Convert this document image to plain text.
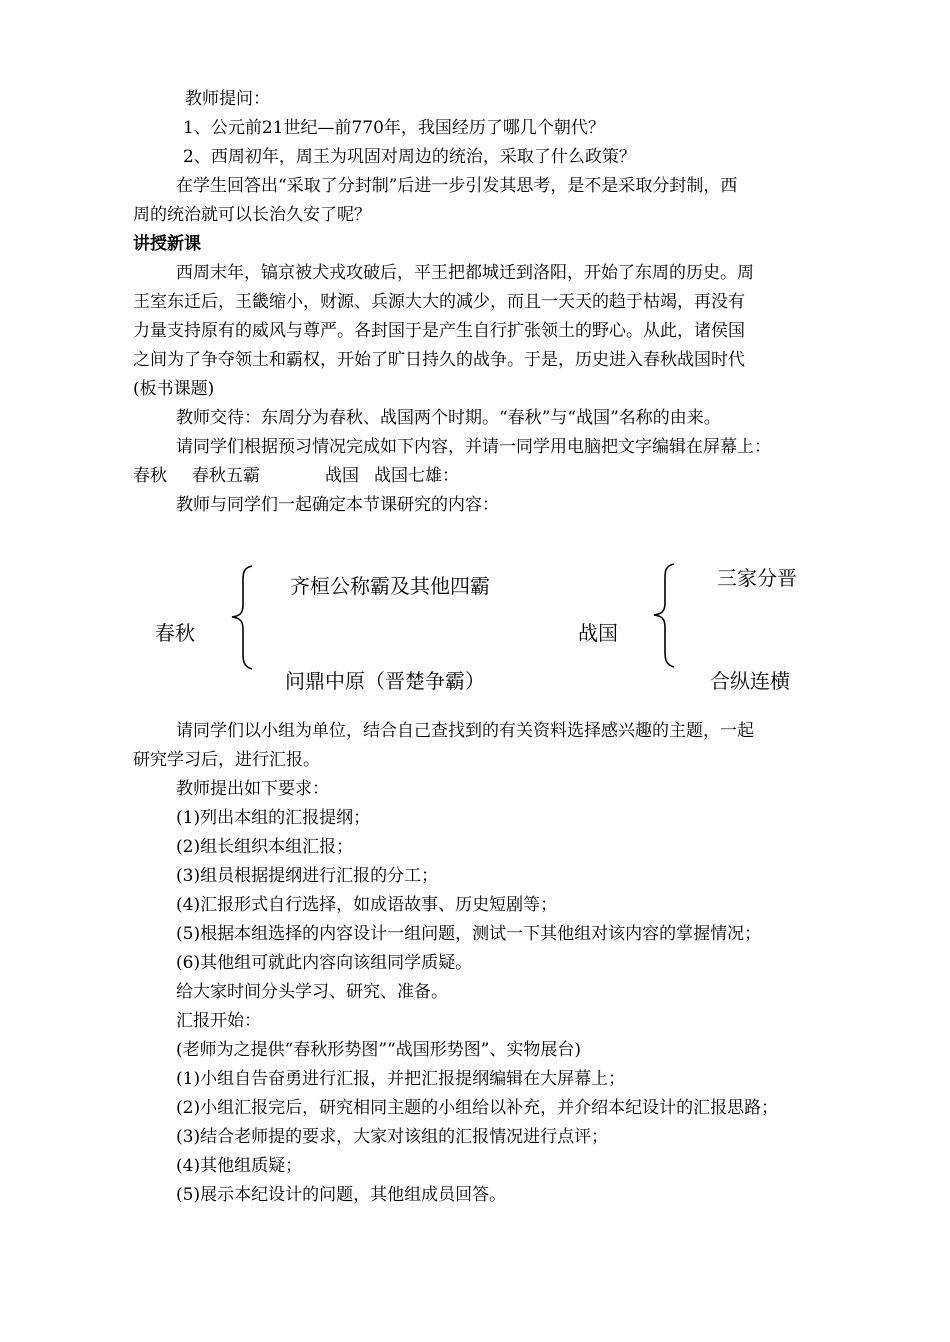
教师提问：
1、公元前21世纪—前770年，我国经历了哪几个朝代？
2、西周初年，周王为巩固对周边的统治，采取了什么政策？
在学生回答出“采取了分封制”后进一步引发其思考，是不是采取分封制，西
周的统治就可以长治久安了呢？
讲授新课
西周末年，镐京被犬戎攻破后，平王把都城迁到洛阳，开始了东周的历史。周
王室东迁后，王畿缩小，财源、兵源大大的减少，而且一天天的趋于枯竭，再没有
力量支持原有的威风与尊严。各封国于是产生自行扩张领土的野心。从此，诸侯国
之间为了争夺领土和霸权，开始了旷日持久的战争。于是，历史进入春秋战国时代
(板书课题)
教师交待：东周分为春秋、战国两个时期。“春秋”与“战国”名称的由来。
请同学们根据预习情况完成如下内容，并请一同学用电脑把文字编辑在屏幕上：
春秋 春秋五霸	战国 战国七雄：
教师与同学们一起确定本节课研究的内容：
春秋
齐桓公称霸及其他四霸
问鼎中原（晋楚争霸）
战国
三家分晋
合纵连横
请同学们以小组为单位，结合自己查找到的有关资料选择感兴趣的主题，一起
研究学习后，进行汇报。
教师提出如下要求：
(1)列出本组的汇报提纲；
(2)组长组织本组汇报；
(3)组员根据提纲进行汇报的分工；
(4)汇报形式自行选择，如成语故事、历史短剧等；
(5)根据本组选择的内容设计一组问题，测试一下其他组对该内容的掌握情况；
(6)其他组可就此内容向该组同学质疑。
给大家时间分头学习、研究、准备。
汇报开始：
(老师为之提供“春秋形势图”“战国形势图”、实物展台)
(1)小组自告奋勇进行汇报，并把汇报提纲编辑在大屏幕上；
(2)小组汇报完后，研究相同主题的小组给以补充，并介绍本纪设计的汇报思路；
(3)结合老师提的要求，大家对该组的汇报情况进行点评；
(4)其他组质疑；
(5)展示本纪设计的问题，其他组成员回答。
